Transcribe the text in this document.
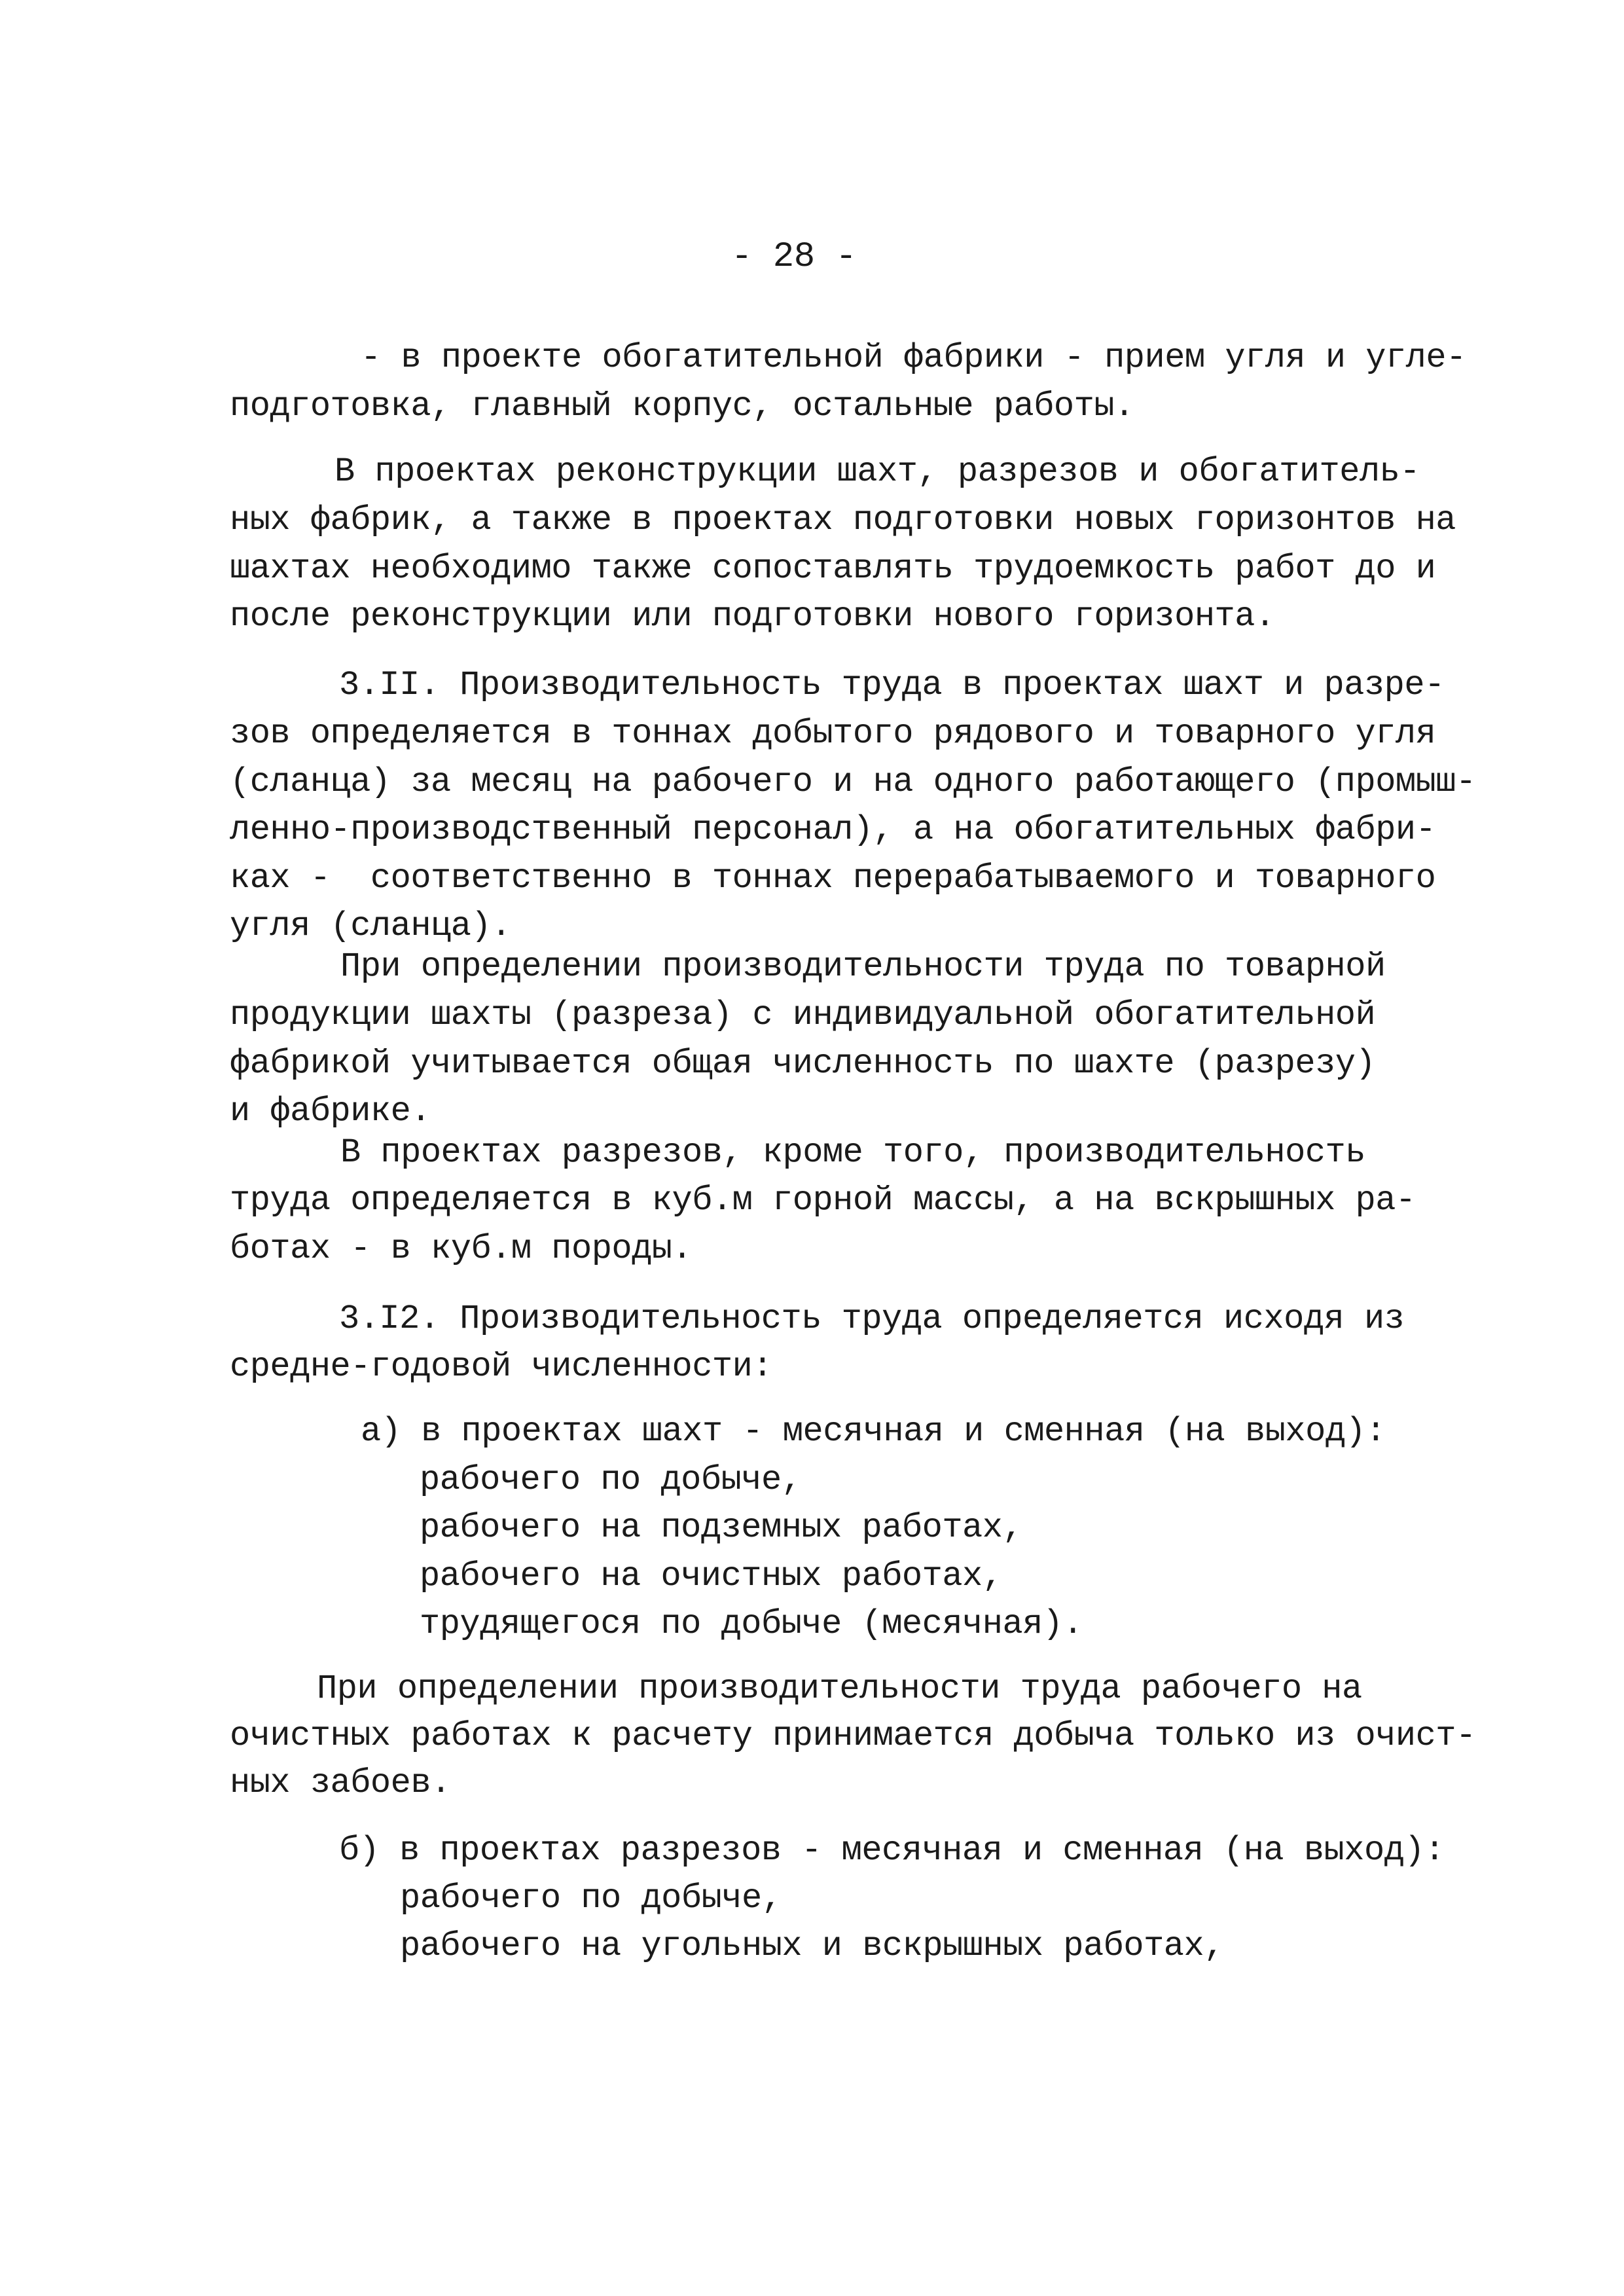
- 28 -
- в проекте обогатительной фабрики - прием угля и угле-
подготовка, главный корпус, остальные работы.
В проектах реконструкции шахт, разрезов и обогатитель-
ных фабрик, а также в проектах подготовки новых горизонтов на
шахтах необходимо также сопоставлять трудоемкость работ до и
после реконструкции или подготовки нового горизонта.
3.II. Производительность труда в проектах шахт и разре-
зов определяется в тоннах добытого рядового и товарного угля
(сланца) за месяц на рабочего и на одного работающего (промыш-
ленно-производственный персонал), а на обогатительных фабри-
ках -  соответственно в тоннах перерабатываемого и товарного
угля (сланца).
При определении производительности труда по товарной
продукции шахты (разреза) с индивидуальной обогатительной
фабрикой учитывается общая численность по шахте (разрезу)
и фабрике.
В проектах разрезов, кроме того, производительность
труда определяется в куб.м горной массы, а на вскрышных ра-
ботах - в куб.м породы.
3.I2. Производительность труда определяется исходя из
средне-годовой численности:
а) в проектах шахт - месячная и сменная (на выход):
рабочего по добыче,
рабочего на подземных работах,
рабочего на очистных работах,
трудящегося по добыче (месячная).
При определении производительности труда рабочего на
очистных работах к расчету принимается добыча только из очист-
ных забоев.
б) в проектах разрезов - месячная и сменная (на выход):
рабочего по добыче,
рабочего на угольных и вскрышных работах,
